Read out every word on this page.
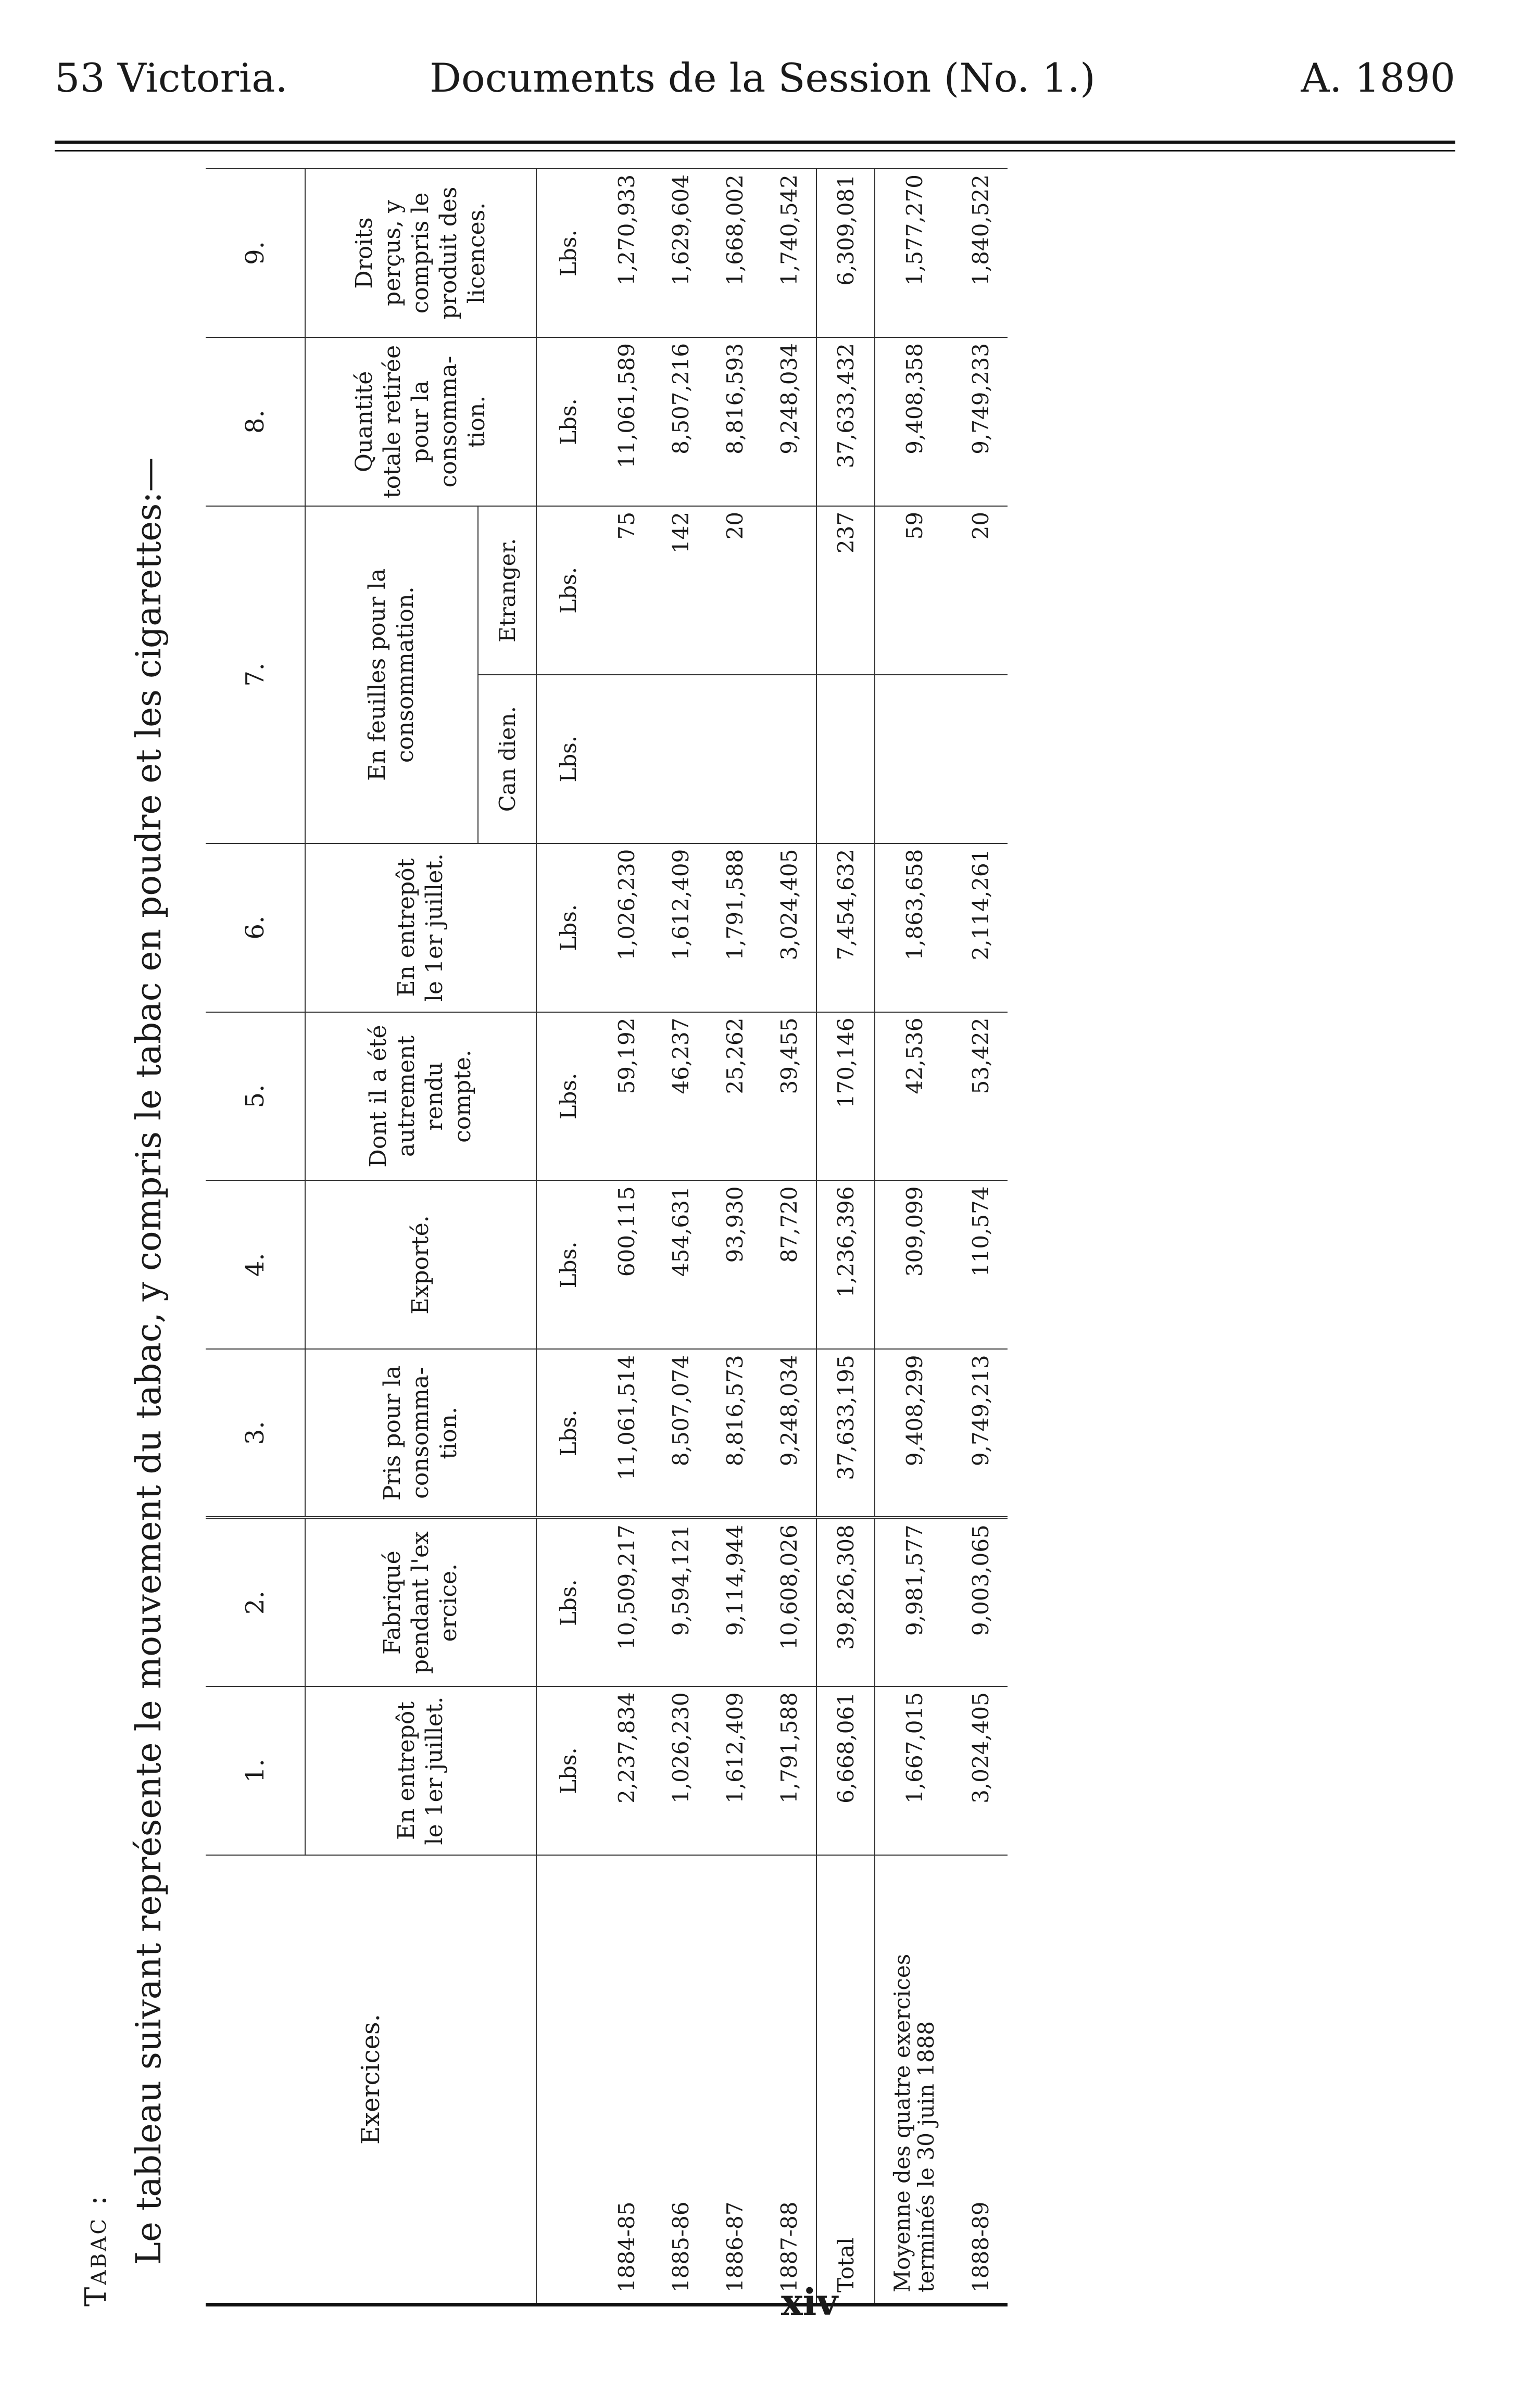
53 Victoria.	Documents de la Session (No. 1.)	A. 1890
Tabac : Le tableau suivant représente le mouvement du tabac, y compris le tabac en poudre et les cigarettes:—	Exercices.	1.	2.	3.	4.	5.	6.	7.		8.	9.
	En entrepôt le 1er juillet.	Fabriqué pendant l'ex ercice.	Pris pour la consomma- tion.	Exporté.	Dont il a été autrement rendu compte.	En entrepôt le 1er juillet.	En feuilles pour la consommation.		Quantité totale retirée pour la consomma- tion.	Droits perçus, y compris le produit des licences.
							Can dien.	Etranger.		
	Lbs.	Lbs.	Lbs.	Lbs.	Lbs.	Lbs.	Lbs.	Lbs.	Lbs.	Lbs.
1884-85	2,237,834	10,509,217	11,061,514	600,115	59,192	1,026,230		75	11,061,589	1,270,933
1885-86	1,026,230	9,594,121	8,507,074	454,631	46,237	1,612,409		142	8,507,216	1,629,604
1886-87	1,612,409	9,114,944	8,816,573	93,930	25,262	1,791,588		20	8,816,593	1,668,002
1887-88	1,791,588	10,608,026	9,248,034	87,720	39,455	3,024,405			9,248,034	1,740,542
Total	6,668,061	39,826,308	37,633,195	1,236,396	170,146	7,454,632		237	37,633,432	6,309,081
Moyenne des quatre exercices terminés le 30 juin 1888	1,667,015	9,981,577	9,408,299	309,099	42,536	1,863,658		59	9,408,358	1,577,270
1888-89	3,024,405	9,003,065	9,749,213	110,574	53,422	2,114,261		20	9,749,233	1,840,522
xiv
